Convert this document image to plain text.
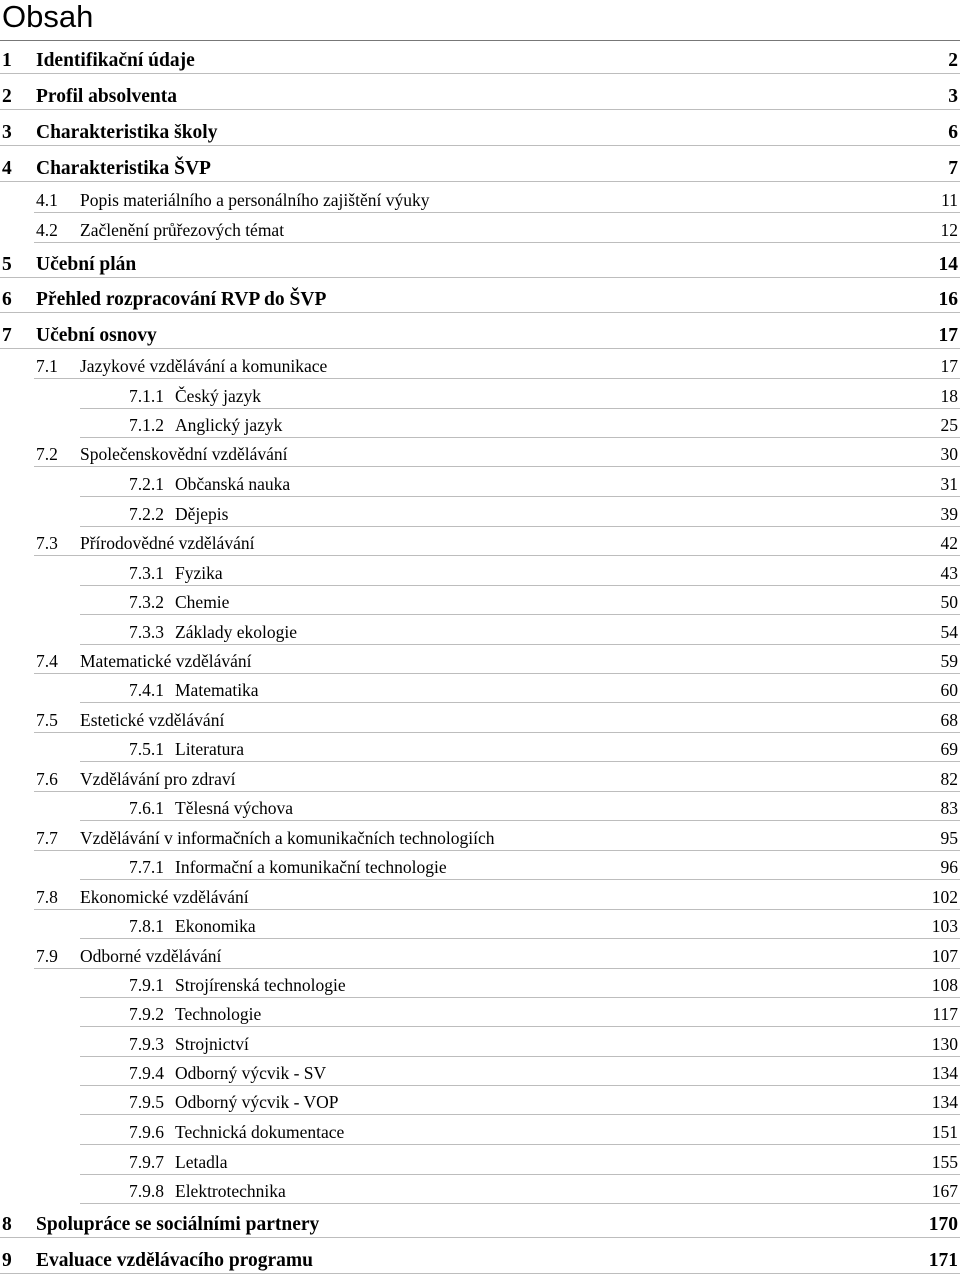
Obsah
1 Identifikační údaje	2
2 Profil absolventa	3
3 Charakteristika školy	6
4 Charakteristika ŠVP	7
4.1 Popis materiálního a personálního zajištění výuky	11
4.2 Začlenění průřezových témat	12
5 Učební plán	14
6 Přehled rozpracování RVP do ŠVP	16
7 Učební osnovy	17
7.1 Jazykové vzdělávání a komunikace	17
7.1.1 Český jazyk	18
7.1.2 Anglický jazyk	25
7.2 Společenskovědní vzdělávání	30
7.2.1 Občanská nauka	31
7.2.2 Dějepis	39
7.3 Přírodovědné vzdělávání	42
7.3.1 Fyzika	43
7.3.2 Chemie	50
7.3.3 Základy ekologie	54
7.4 Matematické vzdělávání	59
7.4.1 Matematika	60
7.5 Estetické vzdělávání	68
7.5.1 Literatura	69
7.6 Vzdělávání pro zdraví	82
7.6.1 Tělesná výchova	83
7.7 Vzdělávání v informačních a komunikačních technologiích	95
7.7.1 Informační a komunikační technologie	96
7.8 Ekonomické vzdělávání	102
7.8.1 Ekonomika	103
7.9 Odborné vzdělávání	107
7.9.1 Strojírenská technologie	108
7.9.2 Technologie	117
7.9.3 Strojnictví	130
7.9.4 Odborný výcvik - SV	134
7.9.5 Odborný výcvik - VOP	134
7.9.6 Technická dokumentace	151
7.9.7 Letadla	155
7.9.8 Elektrotechnika	167
8 Spolupráce se sociálními partnery	170
9 Evaluace vzdělávacího programu	171
